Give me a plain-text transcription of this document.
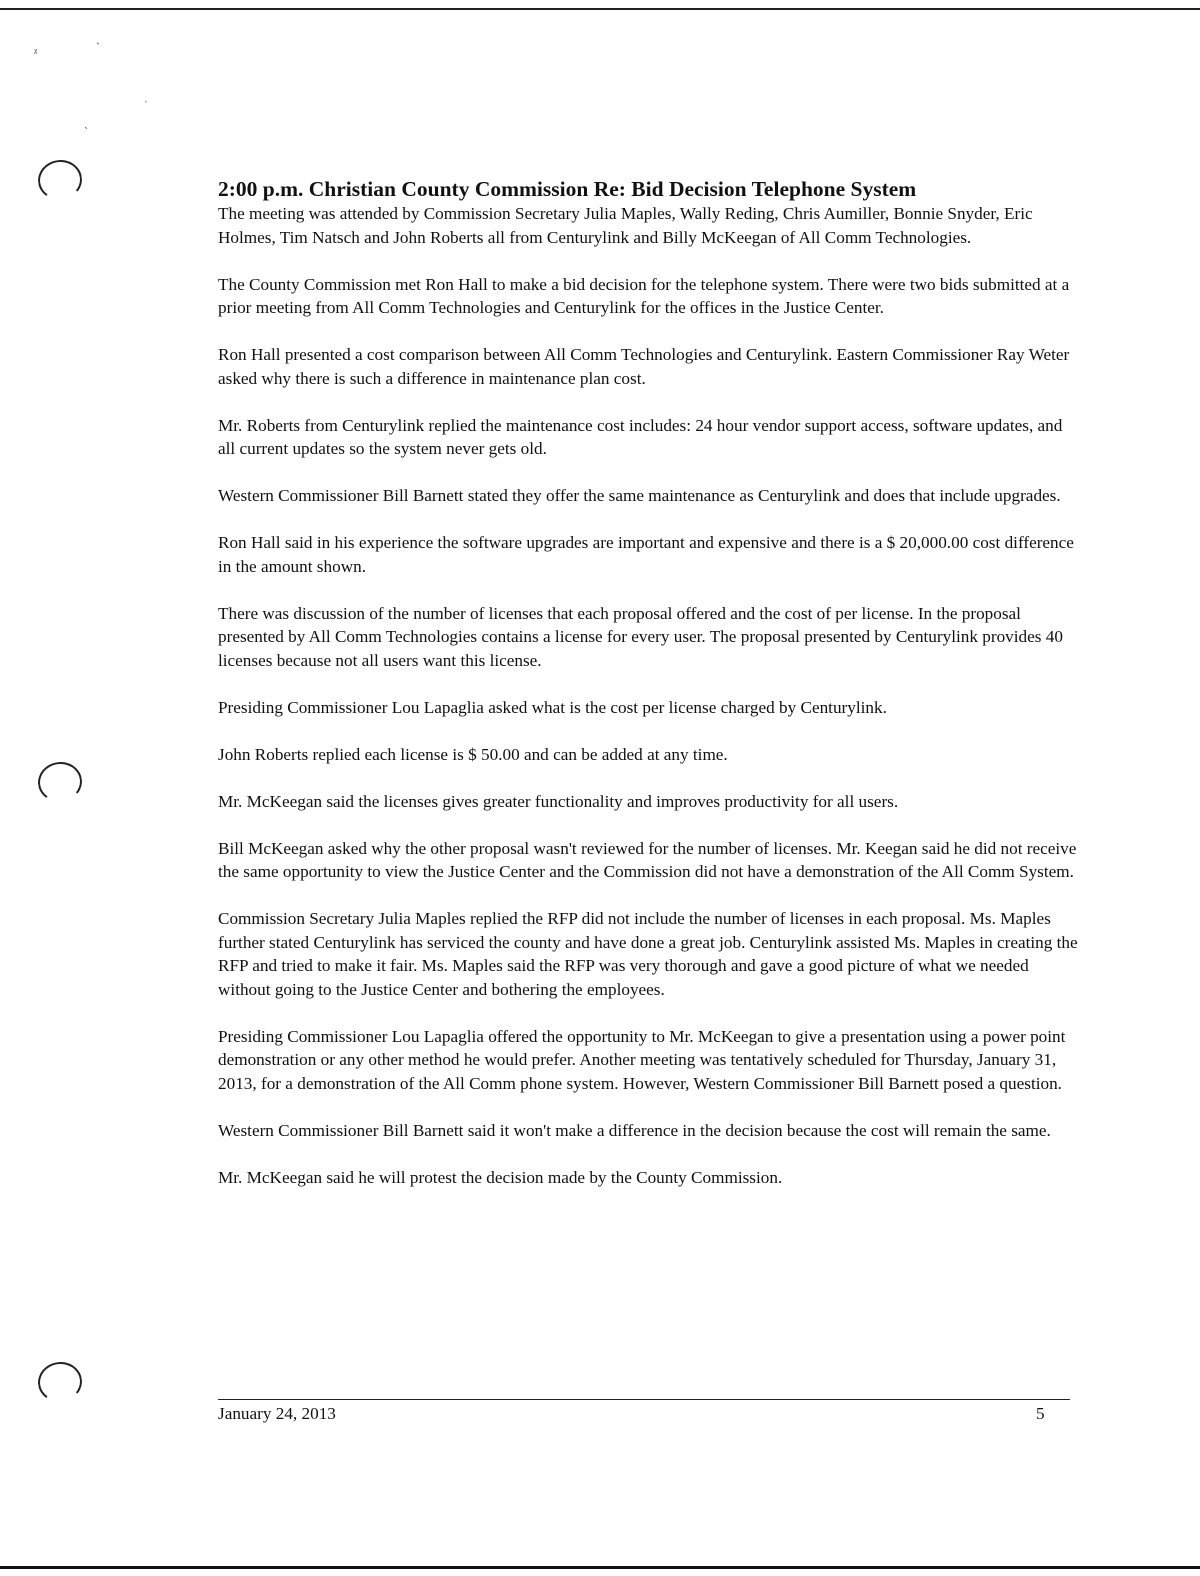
ᵡ
ˏ
ˌ
˴
2:00 p.m. Christian County Commission Re: Bid Decision Telephone System

The meeting was attended by Commission Secretary Julia Maples, Wally Reding, Chris Aumiller, Bonnie Snyder, Eric Holmes, Tim Natsch and John Roberts all from Centurylink and Billy McKeegan of All Comm Technologies.

The County Commission met Ron Hall to make a bid decision for the telephone system. There were two bids submitted at a prior meeting from All Comm Technologies and Centurylink for the offices in the Justice Center.

Ron Hall presented a cost comparison between All Comm Technologies and Centurylink. Eastern Commissioner Ray Weter asked why there is such a difference in maintenance plan cost.

Mr. Roberts from Centurylink replied the maintenance cost includes: 24 hour vendor support access, software updates, and all current updates so the system never gets old.

Western Commissioner Bill Barnett stated they offer the same maintenance as Centurylink and does that include upgrades.

Ron Hall said in his experience the software upgrades are important and expensive and there is a $ 20,000.00 cost difference in the amount shown.

There was discussion of the number of licenses that each proposal offered and the cost of per license. In the proposal presented by All Comm Technologies contains a license for every user. The proposal presented by Centurylink provides 40 licenses because not all users want this license.

Presiding Commissioner Lou Lapaglia asked what is the cost per license charged by Centurylink.

John Roberts replied each license is $ 50.00 and can be added at any time.

Mr. McKeegan said the licenses gives greater functionality and improves productivity for all users.

Bill McKeegan asked why the other proposal wasn't reviewed for the number of licenses. Mr. Keegan said he did not receive the same opportunity to view the Justice Center and the Commission did not have a demonstration of the All Comm System.

Commission Secretary Julia Maples replied the RFP did not include the number of licenses in each proposal. Ms. Maples further stated Centurylink has serviced the county and have done a great job. Centurylink assisted Ms. Maples in creating the RFP and tried to make it fair. Ms. Maples said the RFP was very thorough and gave a good picture of what we needed without going to the Justice Center and bothering the employees.

Presiding Commissioner Lou Lapaglia offered the opportunity to Mr. McKeegan to give a presentation using a power point demonstration or any other method he would prefer. Another meeting was tentatively scheduled for Thursday, January 31, 2013, for a demonstration of the All Comm phone system. However, Western Commissioner Bill Barnett posed a question.

Western Commissioner Bill Barnett said it won't make a difference in the decision because the cost will remain the same.

Mr. McKeegan said he will protest the decision made by the County Commission.

January 24, 2013	5
